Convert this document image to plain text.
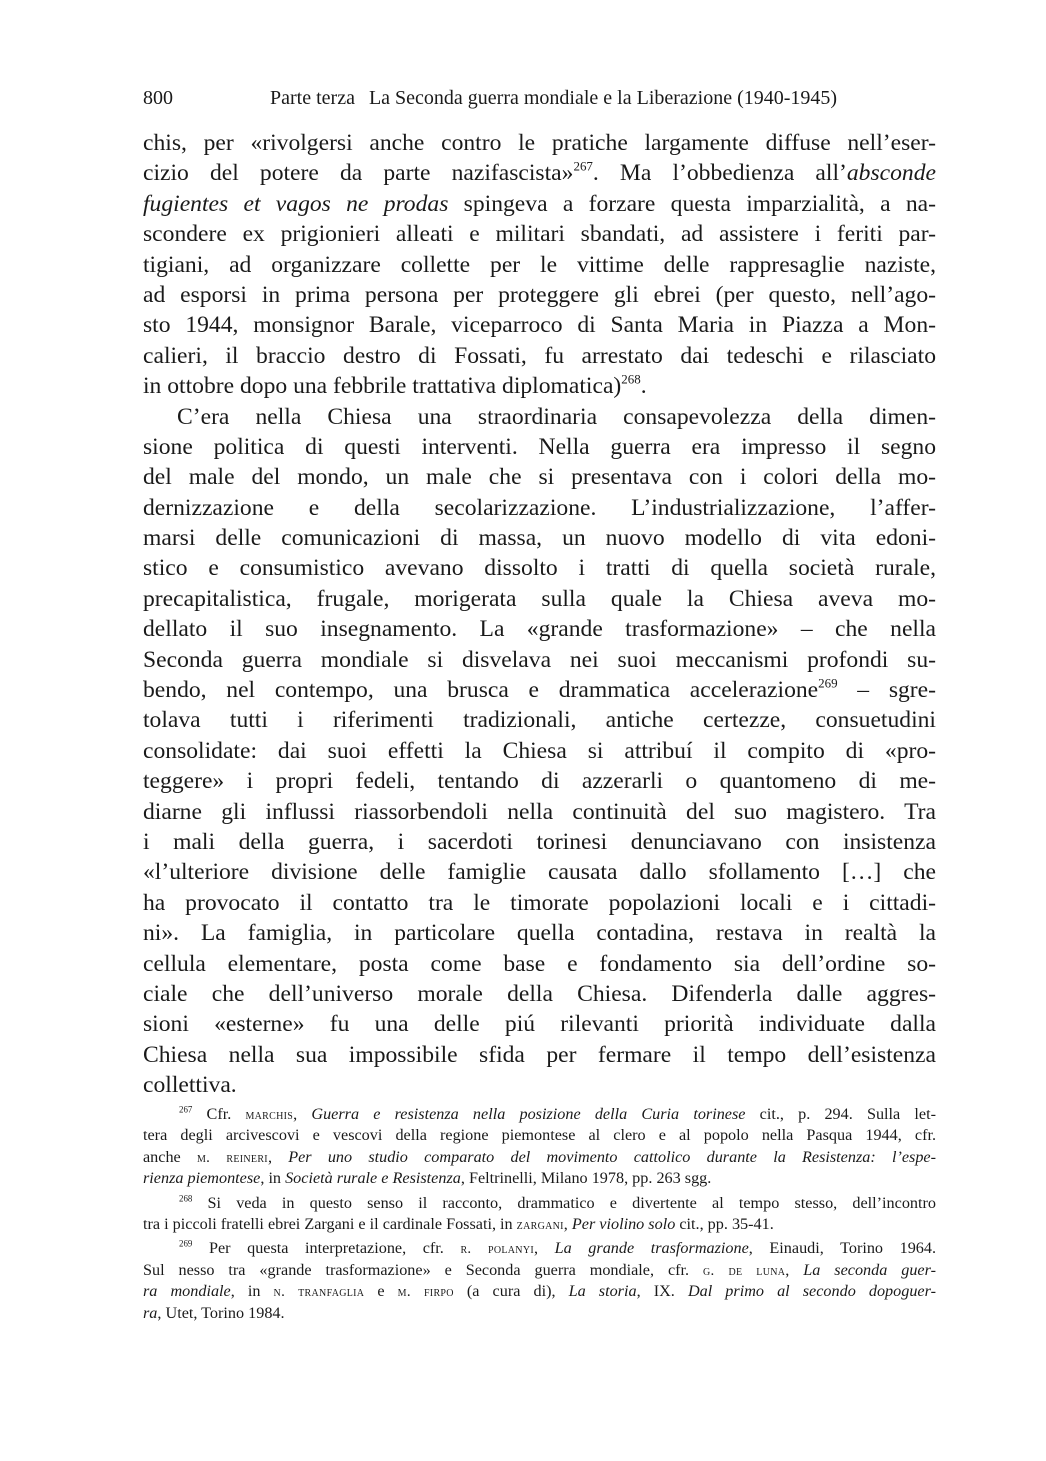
800	Parte terza La Seconda guerra mondiale e la Liberazione (1940-1945)
chis, per «rivolgersi anche contro le pratiche largamente diffuse nell’eser-
cizio del potere da parte nazifascista»$^{267}$. Ma l’obbedienza all’absconde
fugientes et vagos ne prodas spingeva a forzare questa imparzialità, a na-
scondere ex prigionieri alleati e militari sbandati, ad assistere i feriti par-
tigiani, ad organizzare collette per le vittime delle rappresaglie naziste,
ad esporsi in prima persona per proteggere gli ebrei (per questo, nell’ago-
sto 1944, monsignor Barale, viceparroco di Santa Maria in Piazza a Mon-
calieri, il braccio destro di Fossati, fu arrestato dai tedeschi e rilasciato
in ottobre dopo una febbrile trattativa diplomatica)$^{268}$.
C’era nella Chiesa una straordinaria consapevolezza della dimen-
sione politica di questi interventi. Nella guerra era impresso il segno
del male del mondo, un male che si presentava con i colori della mo-
dernizzazione e della secolarizzazione. L’industrializzazione, l’affer-
marsi delle comunicazioni di massa, un nuovo modello di vita edoni-
stico e consumistico avevano dissolto i tratti di quella società rurale,
precapitalistica, frugale, morigerata sulla quale la Chiesa aveva mo-
dellato il suo insegnamento. La «grande trasformazione» – che nella
Seconda guerra mondiale si disvelava nei suoi meccanismi profondi su-
bendo, nel contempo, una brusca e drammatica accelerazione$^{269}$ – sgre-
tolava tutti i riferimenti tradizionali, antiche certezze, consuetudini
consolidate: dai suoi effetti la Chiesa si attribuí il compito di «pro-
teggere» i propri fedeli, tentando di azzerarli o quantomeno di me-
diarne gli influssi riassorbendoli nella continuità del suo magistero. Tra
i mali della guerra, i sacerdoti torinesi denunciavano con insistenza
«l’ulteriore divisione delle famiglie causata dallo sfollamento […] che
ha provocato il contatto tra le timorate popolazioni locali e i cittadi-
ni». La famiglia, in particolare quella contadina, restava in realtà la
cellula elementare, posta come base e fondamento sia dell’ordine so-
ciale che dell’universo morale della Chiesa. Difenderla dalle aggres-
sioni «esterne» fu una delle piú rilevanti priorità individuate dalla
Chiesa nella sua impossibile sfida per fermare il tempo dell’esistenza
collettiva.
$^{267}$ Cfr. marchis, Guerra e resistenza nella posizione della Curia torinese cit., p. 294. Sulla let-
tera degli arcivescovi e vescovi della regione piemontese al clero e al popolo nella Pasqua 1944, cfr.
anche m. reineri, Per uno studio comparato del movimento cattolico durante la Resistenza: l’espe-
rienza piemontese, in Società rurale e Resistenza, Feltrinelli, Milano 1978, pp. 263 sgg.
$^{268}$ Si veda in questo senso il racconto, drammatico e divertente al tempo stesso, dell’incontro
tra i piccoli fratelli ebrei Zargani e il cardinale Fossati, in zargani, Per violino solo cit., pp. 35-41.
$^{269}$ Per questa interpretazione, cfr. r. polanyi, La grande trasformazione, Einaudi, Torino 1964.
Sul nesso tra «grande trasformazione» e Seconda guerra mondiale, cfr. g. de luna, La seconda guer-
ra mondiale, in n. tranfaglia e m. firpo (a cura di), La storia, IX. Dal primo al secondo dopoguer-
ra, Utet, Torino 1984.
